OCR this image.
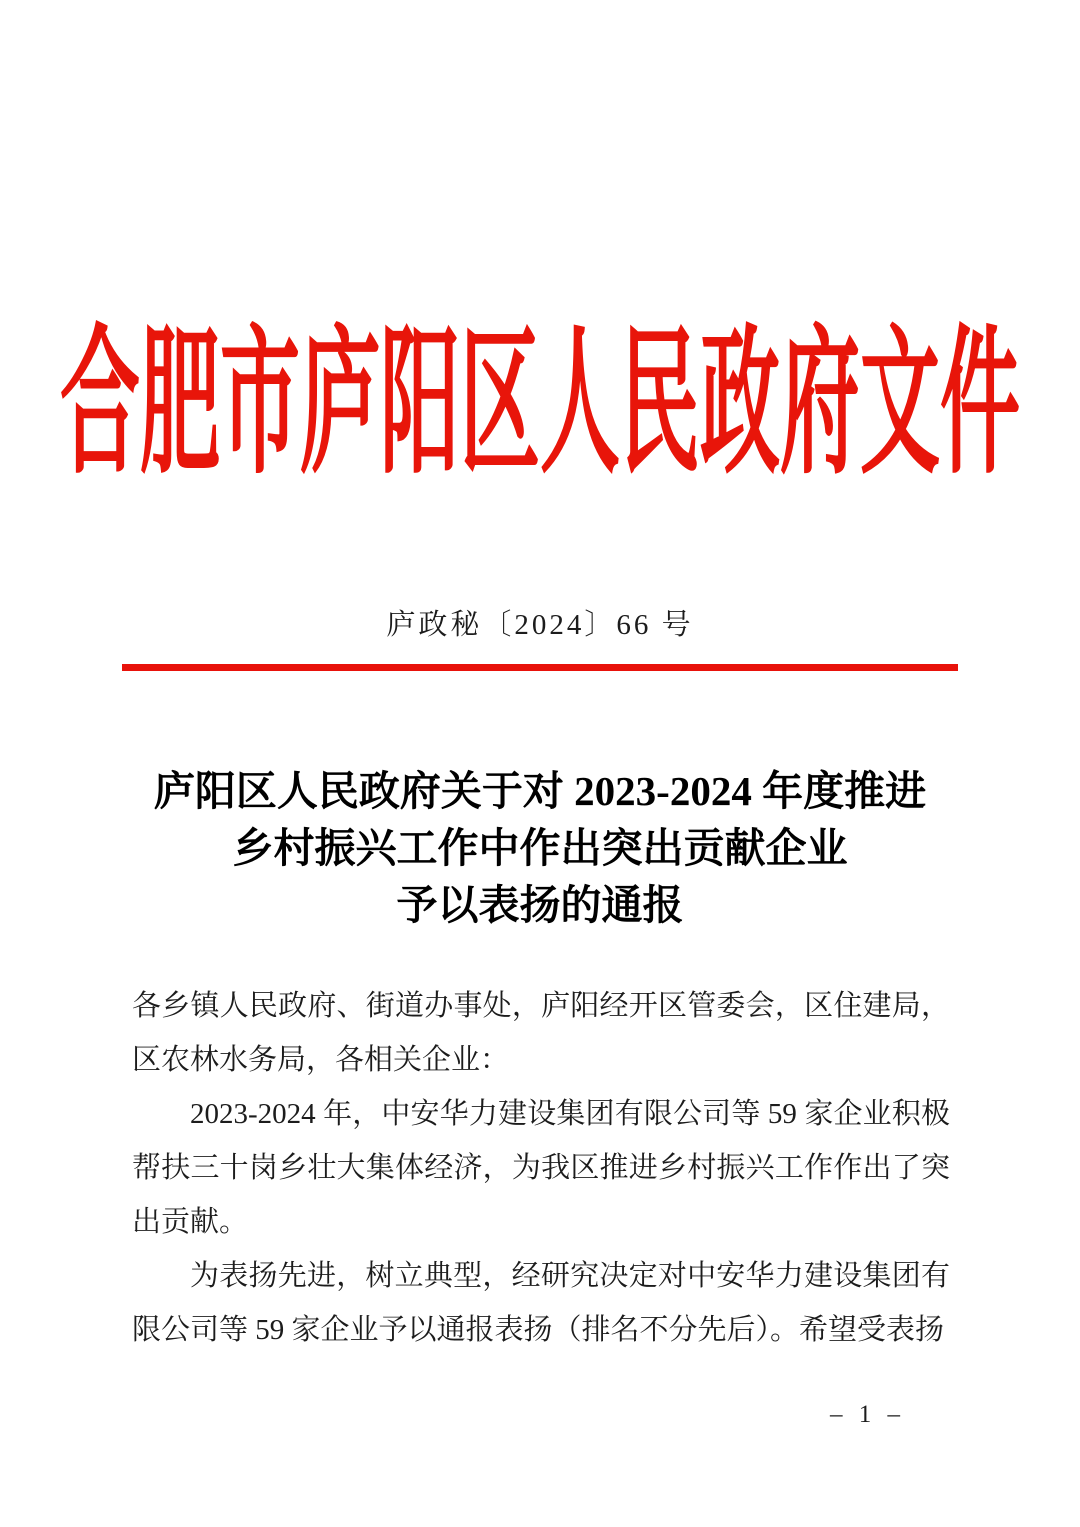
合肥市庐阳区人民政府文件
庐政秘〔2024〕66 号
庐阳区人民政府关于对 2023-2024 年度推进
乡村振兴工作中作出突出贡献企业
予以表扬的通报

各乡镇人民政府、街道办事处，庐阳经开区管委会，区住建局，区农林水务局，各相关企业：

2023-2024 年，中安华力建设集团有限公司等 59 家企业积极帮扶三十岗乡壮大集体经济，为我区推进乡村振兴工作作出了突出贡献。

为表扬先进，树立典型，经研究决定对中安华力建设集团有限公司等 59 家企业予以通报表扬（排名不分先后）。希望受表扬

– 1 –
